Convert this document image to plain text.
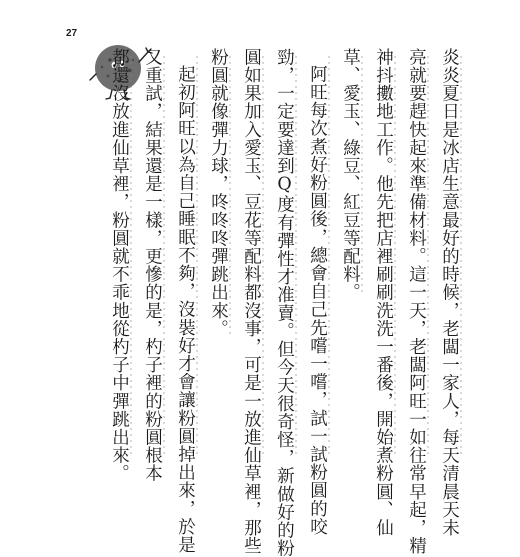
27
炎炎夏日是冰店生意最好的時候，老闆一家人，每天清晨天未
亮就要趕快起來準備材料。這一天，老闆阿旺一如往常早起，精
神抖擻地工作。他先把店裡刷刷洗洗一番後，開始煮粉圓、仙
草、愛玉、綠豆、紅豆等配料。
阿旺每次煮好粉圓後，總會自己先嚐一嚐，試一試粉圓的咬
勁，一定要達到Q度有彈性才准賣。但今天很奇怪，新做好的粉
圓如果加入愛玉、豆花等配料都沒事，可是一放進仙草裡，那些
粉圓就像彈力球，咚咚咚彈跳出來。
起初阿旺以為自己睡眠不夠，沒裝好才會讓粉圓掉出來，於是
又重試，結果還是一樣，更慘的是，杓子裡的粉圓根本
都還沒放進仙草裡，粉圓就不乖地從杓子中彈跳出來。
